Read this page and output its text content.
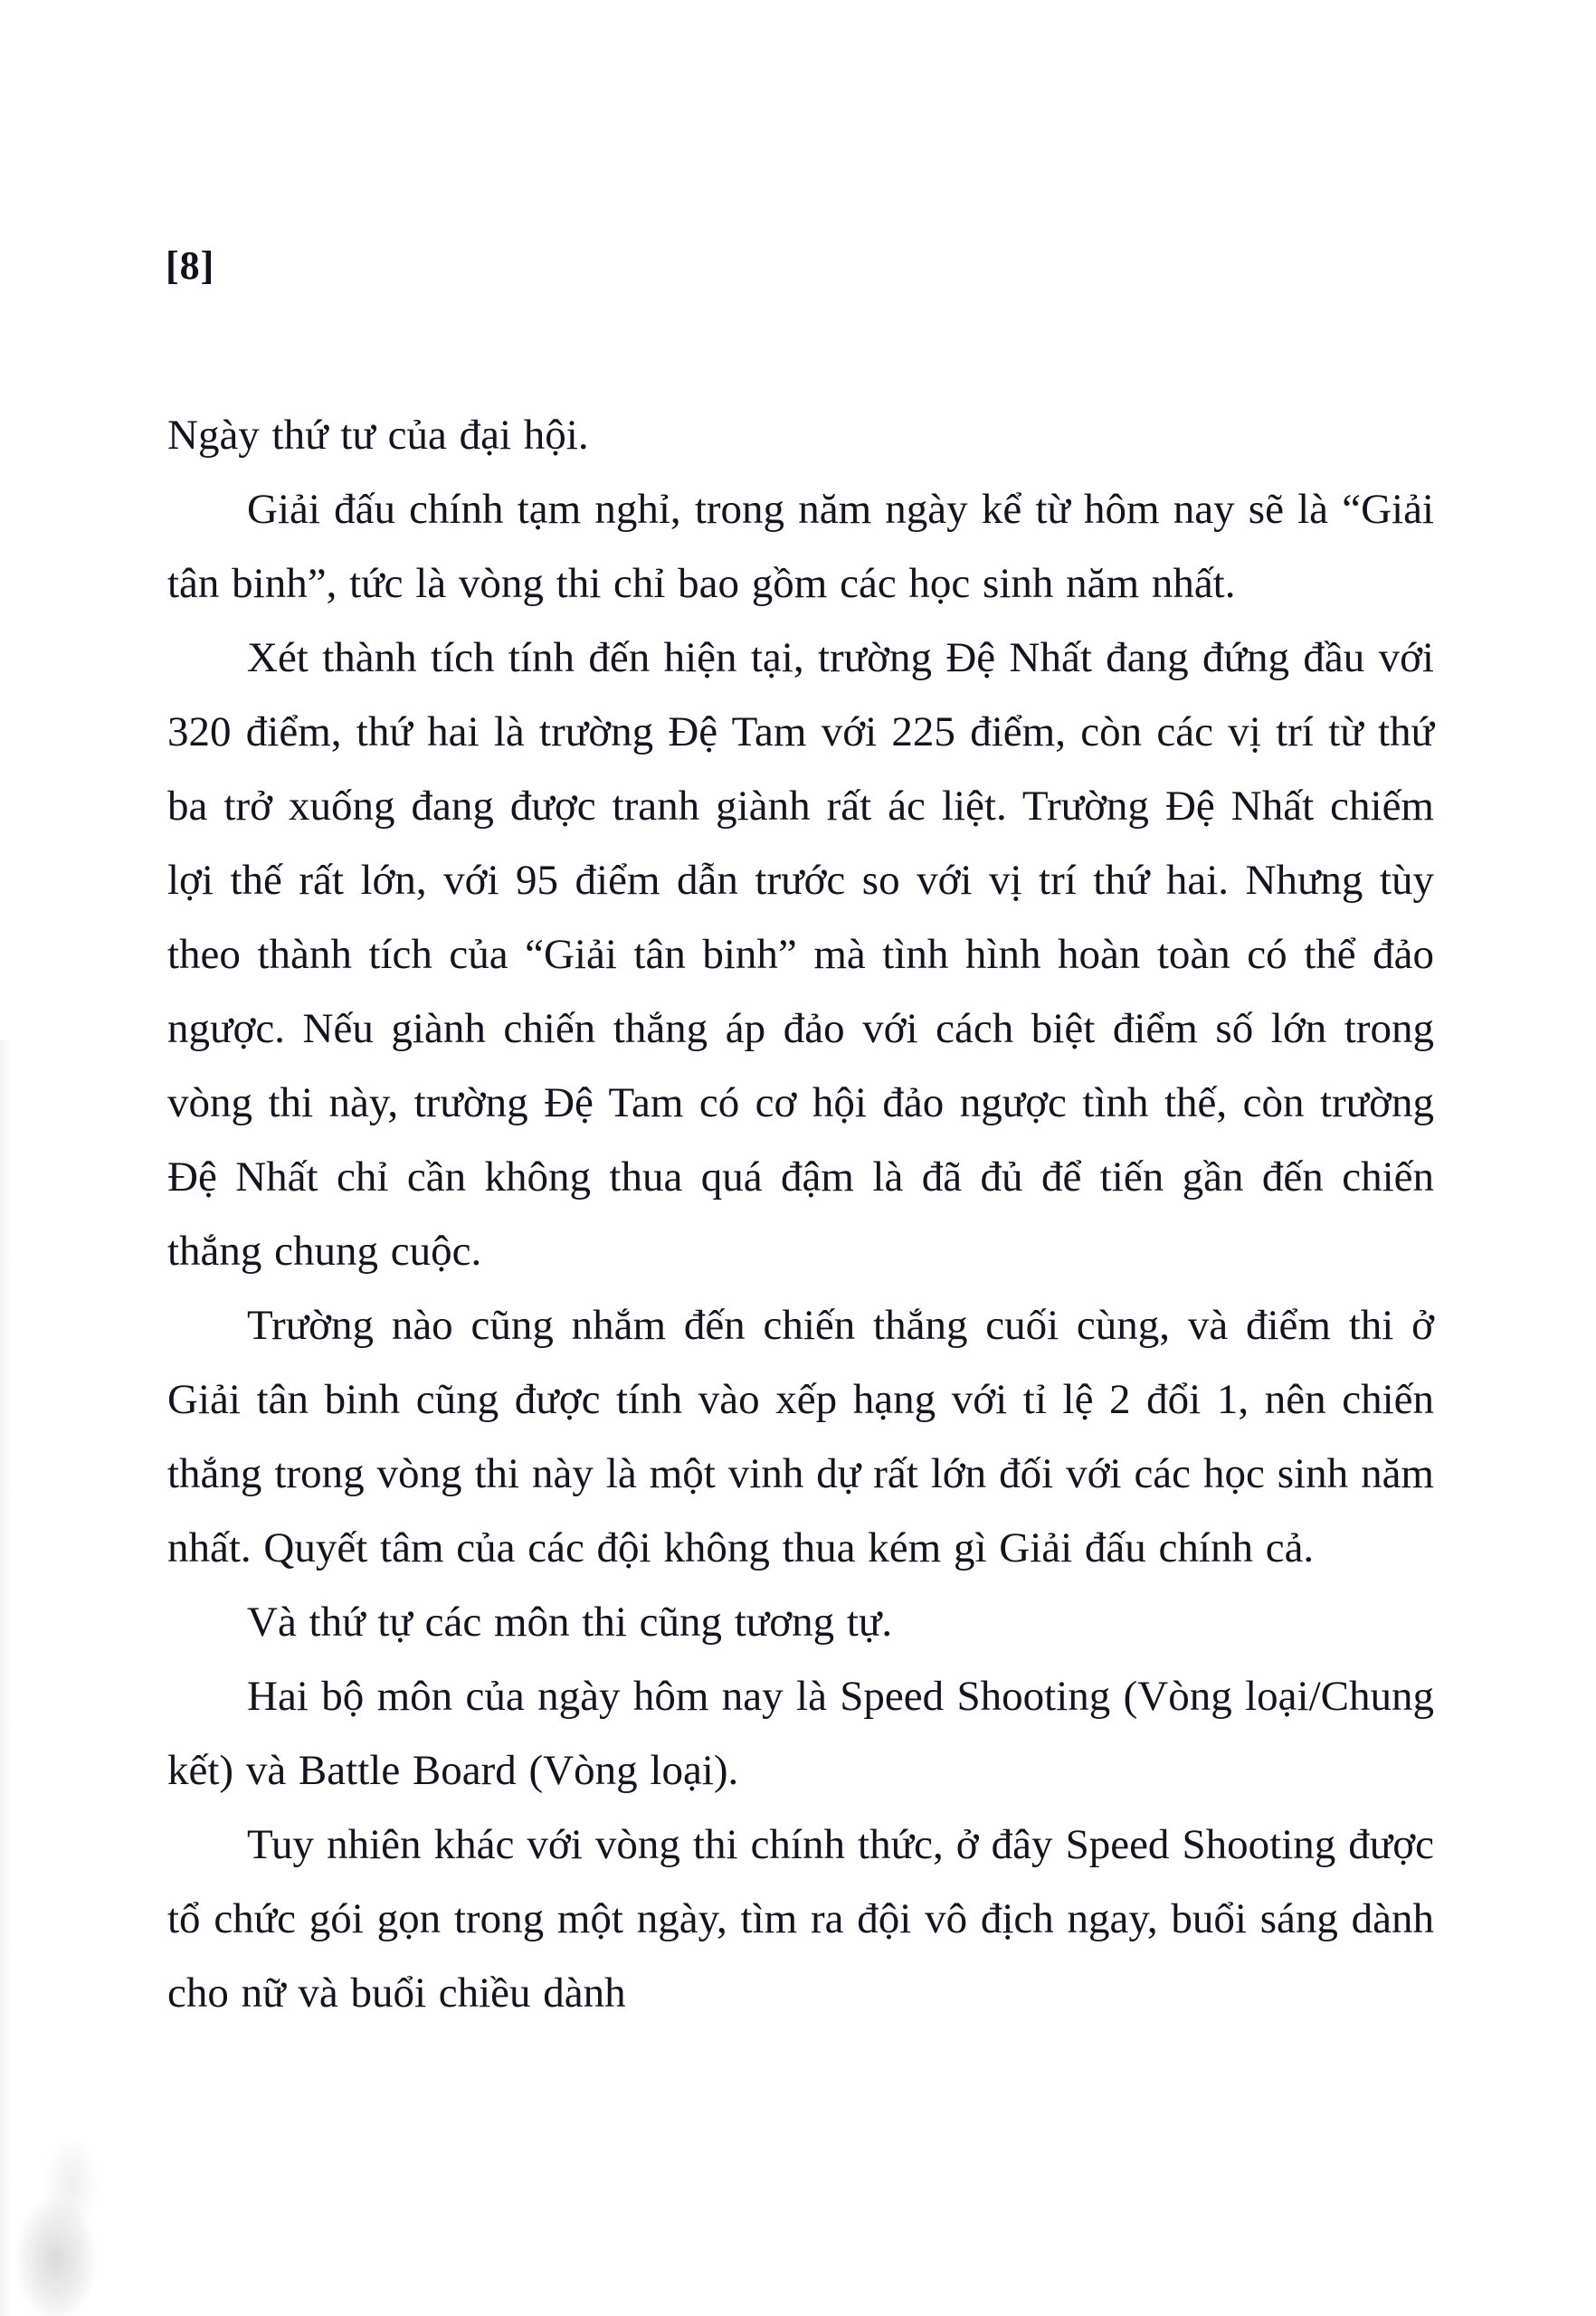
[8]

Ngày thứ tư của đại hội.

Giải đấu chính tạm nghỉ, trong năm ngày kể từ hôm nay sẽ là “Giải tân binh”, tức là vòng thi chỉ bao gồm các học sinh năm nhất.

Xét thành tích tính đến hiện tại, trường Đệ Nhất đang đứng đầu với 320 điểm, thứ hai là trường Đệ Tam với 225 điểm, còn các vị trí từ thứ ba trở xuống đang được tranh giành rất ác liệt. Trường Đệ Nhất chiếm lợi thế rất lớn, với 95 điểm dẫn trước so với vị trí thứ hai. Nhưng tùy theo thành tích của “Giải tân binh” mà tình hình hoàn toàn có thể đảo ngược. Nếu giành chiến thắng áp đảo với cách biệt điểm số lớn trong vòng thi này, trường Đệ Tam có cơ hội đảo ngược tình thế, còn trường Đệ Nhất chỉ cần không thua quá đậm là đã đủ để tiến gần đến chiến thắng chung cuộc.

Trường nào cũng nhắm đến chiến thắng cuối cùng, và điểm thi ở Giải tân binh cũng được tính vào xếp hạng với tỉ lệ 2 đổi 1, nên chiến thắng trong vòng thi này là một vinh dự rất lớn đối với các học sinh năm nhất. Quyết tâm của các đội không thua kém gì Giải đấu chính cả.

Và thứ tự các môn thi cũng tương tự.

Hai bộ môn của ngày hôm nay là Speed Shooting (Vòng loại/Chung kết) và Battle Board (Vòng loại).

Tuy nhiên khác với vòng thi chính thức, ở đây Speed Shooting được tổ chức gói gọn trong một ngày, tìm ra đội vô địch ngay, buổi sáng dành cho nữ và buổi chiều dành
